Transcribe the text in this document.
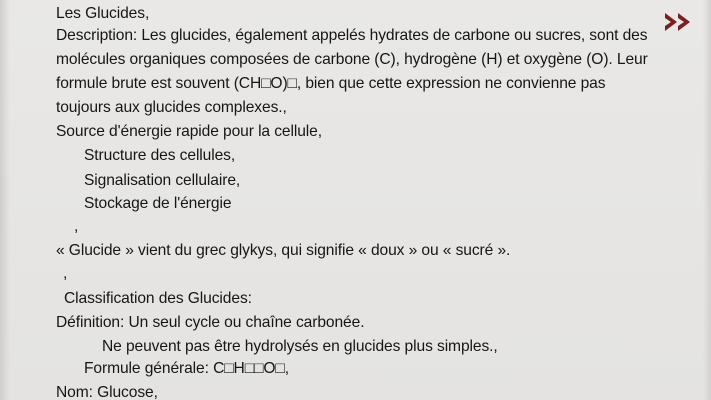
Les Glucides,
Description: Les glucides, également appelés hydrates de carbone ou sucres, sont des
molécules organiques composées de carbone (C), hydrogène (H) et oxygène (O). Leur
formule brute est souvent (CH□O)□, bien que cette expression ne convienne pas
toujours aux glucides complexes.,
Source d'énergie rapide pour la cellule,
Structure des cellules,
Signalisation cellulaire,
Stockage de l'énergie
,
« Glucide » vient du grec glykys, qui signifie « doux » ou « sucré ».
,
Classification des Glucides:
Définition: Un seul cycle ou chaîne carbonée.
Ne peuvent pas être hydrolysés en glucides plus simples.,
Formule générale: C□H□□O□,
Nom: Glucose,
